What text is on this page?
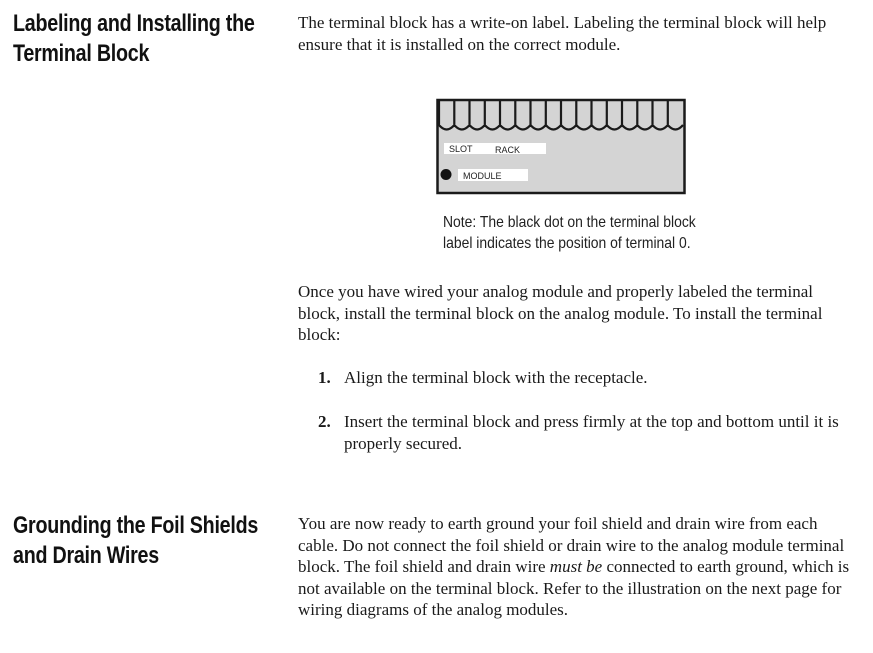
Labeling and Installing the
Terminal Block

The terminal block has a write-on label. Labeling the terminal block will help ensure that it is installed on the correct module.

SLOT RACK
MODULE

Note: The black dot on the terminal block
label indicates the position of terminal 0.

Once you have wired your analog module and properly labeled the terminal block, install the terminal block on the analog module. To install the terminal block:

1. Align the terminal block with the receptacle.
2. Insert the terminal block and press firmly at the top and bottom until it is properly secured.
Grounding the Foil Shields
and Drain Wires

You are now ready to earth ground your foil shield and drain wire from each cable. Do not connect the foil shield or drain wire to the analog module terminal block. The foil shield and drain wire must be connected to earth ground, which is not available on the terminal block. Refer to the illustration on the next page for wiring diagrams of the analog modules.
